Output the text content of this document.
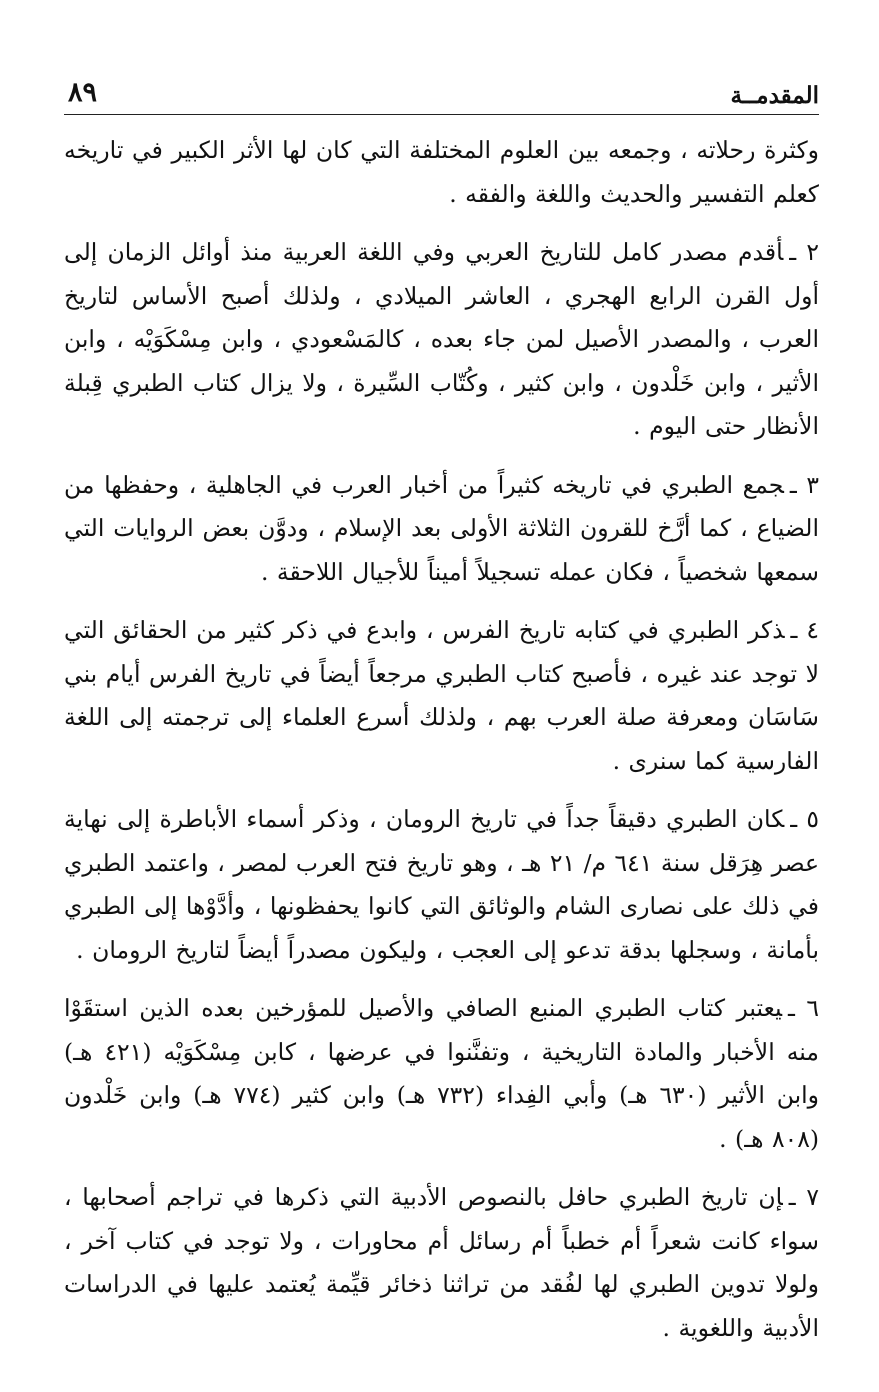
المقدمــة
٨٩

وكثرة رحلاته ، وجمعه بين العلوم المختلفة التي كان لها الأثر الكبير في تاريخه كعلم التفسير والحديث واللغة والفقه .

٢ ـأقدم مصدر كامل للتاريخ العربي وفي اللغة العربية منذ أوائل الزمان إلى أول القرن الرابع الهجري ، العاشر الميلادي ، ولذلك أصبح الأساس لتاريخ العرب ، والمصدر الأصيل لمن جاء بعده ، كالمَسْعودي ، وابن مِسْكَوَيْه ، وابن الأثير ، وابن خَلْدون ، وابن كثير ، وكُتّاب السِّيرة ، ولا يزال كتاب الطبري قِبلة الأنظار حتى اليوم .

٣ ـجمع الطبري في تاريخه كثيراً من أخبار العرب في الجاهلية ، وحفظها من الضياع ، كما أرَّخ للقرون الثلاثة الأولى بعد الإسلام ، ودوَّن بعض الروايات التي سمعها شخصياً ، فكان عمله تسجيلاً أميناً للأجيال اللاحقة .

٤ ـذكر الطبري في كتابه تاريخ الفرس ، وابدع في ذكر كثير من الحقائق التي لا توجد عند غيره ، فأصبح كتاب الطبري مرجعاً أيضاً في تاريخ الفرس أيام بني سَاسَان ومعرفة صلة العرب بهم ، ولذلك أسرع العلماء إلى ترجمته إلى اللغة الفارسية كما سنرى .

٥ ـكان الطبري دقيقاً جداً في تاريخ الرومان ، وذكر أسماء الأباطرة إلى نهاية عصر هِرَقل سنة ٦٤١ م/ ٢١ هـ ، وهو تاريخ فتح العرب لمصر ، واعتمد الطبري في ذلك على نصارى الشام والوثائق التي كانوا يحفظونها ، وأدَّوْها إلى الطبري بأمانة ، وسجلها بدقة تدعو إلى العجب ، وليكون مصدراً أيضاً لتاريخ الرومان .

٦ ـيعتبر كتاب الطبري المنبع الصافي والأصيل للمؤرخين بعده الذين استقَوْا منه الأخبار والمادة التاريخية ، وتفنَّنوا في عرضها ، كابن مِسْكَوَيْه (٤٢١ هـ) وابن الأثير (٦٣٠ هـ) وأبي الفِداء (٧٣٢ هـ) وابن كثير (٧٧٤ هـ) وابن خَلْدون (٨٠٨ هـ) .

٧ ـإن تاريخ الطبري حافل بالنصوص الأدبية التي ذكرها في تراجم أصحابها ، سواء كانت شعراً أم خطباً أم رسائل أم محاورات ، ولا توجد في كتاب آخر ، ولولا تدوين الطبري لها لفُقد من تراثنا ذخائر قيِّمة يُعتمد عليها في الدراسات الأدبية واللغوية .
